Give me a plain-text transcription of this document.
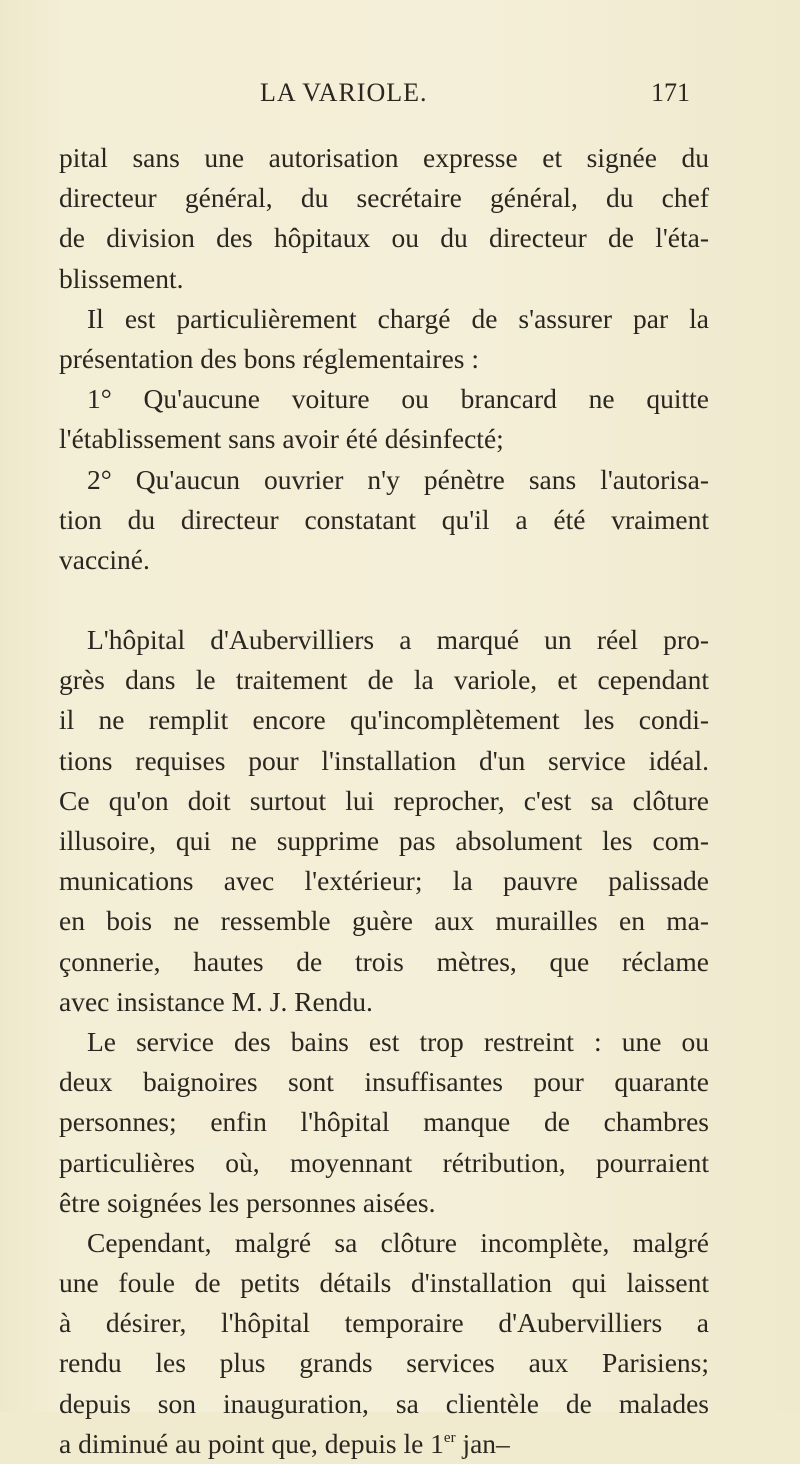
LA VARIOLE.	171
pital sans une autorisation expresse et signée du
directeur général, du secrétaire général, du chef
de division des hôpitaux ou du directeur de l'éta-
blissement.
Il est particulièrement chargé de s'assurer par la
présentation des bons réglementaires :
1° Qu'aucune voiture ou brancard ne quitte
l'établissement sans avoir été désinfecté;
2° Qu'aucun ouvrier n'y pénètre sans l'autorisa-
tion du directeur constatant qu'il a été vraiment
vacciné.
L'hôpital d'Aubervilliers a marqué un réel pro-
grès dans le traitement de la variole, et cependant
il ne remplit encore qu'incomplètement les condi-
tions requises pour l'installation d'un service idéal.
Ce qu'on doit surtout lui reprocher, c'est sa clôture
illusoire, qui ne supprime pas absolument les com-
munications avec l'extérieur; la pauvre palissade
en bois ne ressemble guère aux murailles en ma-
çonnerie, hautes de trois mètres, que réclame
avec insistance M. J. Rendu.
Le service des bains est trop restreint : une ou
deux baignoires sont insuffisantes pour quarante
personnes; enfin l'hôpital manque de chambres
particulières où, moyennant rétribution, pourraient
être soignées les personnes aisées.
Cependant, malgré sa clôture incomplète, malgré
une foule de petits détails d'installation qui laissent
à désirer, l'hôpital temporaire d'Aubervilliers a
rendu les plus grands services aux Parisiens;
depuis son inauguration, sa clientèle de malades
a diminué au point que, depuis le 1er jan–
